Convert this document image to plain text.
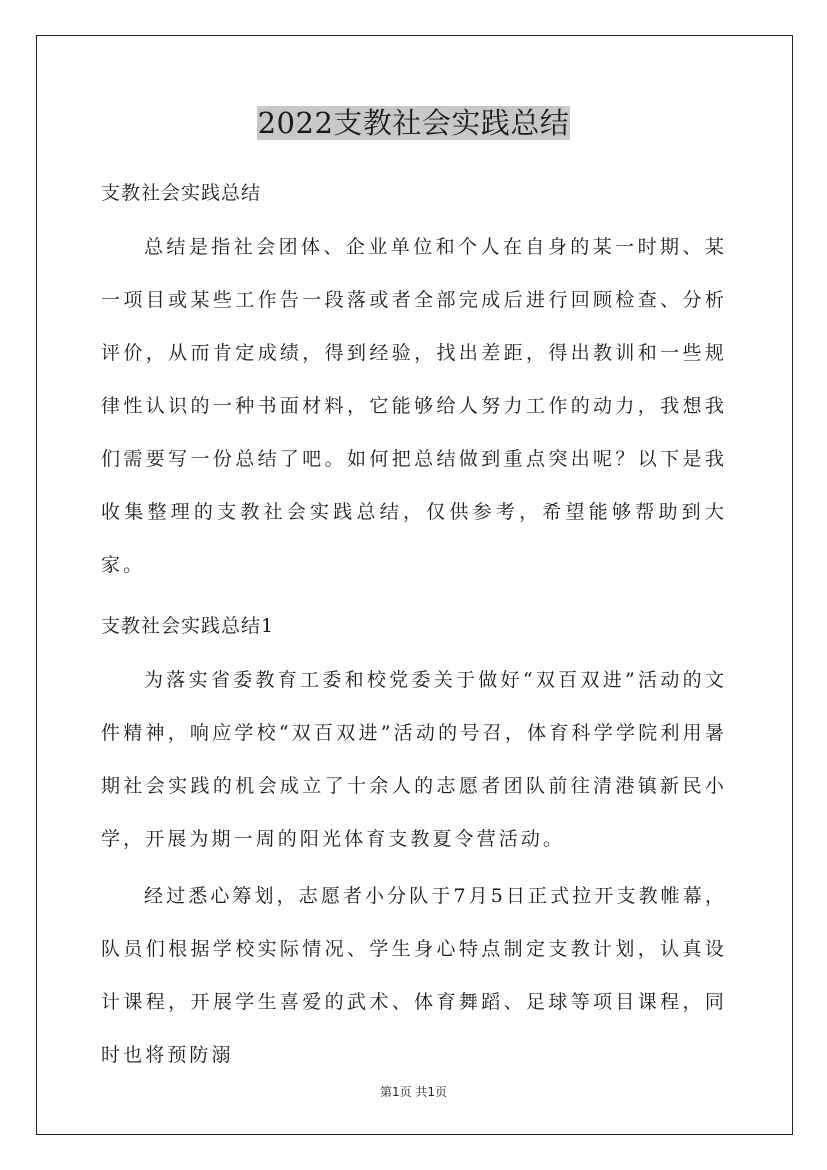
2022支教社会实践总结
支教社会实践总结

总结是指社会团体、企业单位和个人在自身的某一时期、某一项目或某些工作告一段落或者全部完成后进行回顾检查、分析评价，从而肯定成绩，得到经验，找出差距，得出教训和一些规律性认识的一种书面材料，它能够给人努力工作的动力，我想我们需要写一份总结了吧。如何把总结做到重点突出呢？以下是我收集整理的支教社会实践总结，仅供参考，希望能够帮助到大家。

支教社会实践总结1

为落实省委教育工委和校党委关于做好“双百双进”活动的文件精神，响应学校“双百双进”活动的号召，体育科学学院利用暑期社会实践的机会成立了十余人的志愿者团队前往清港镇新民小学，开展为期一周的阳光体育支教夏令营活动。

经过悉心筹划，志愿者小分队于7月5日正式拉开支教帷幕，队员们根据学校实际情况、学生身心特点制定支教计划，认真设计课程，开展学生喜爱的武术、体育舞蹈、足球等项目课程，同时也将预防溺

第1页 共1页
